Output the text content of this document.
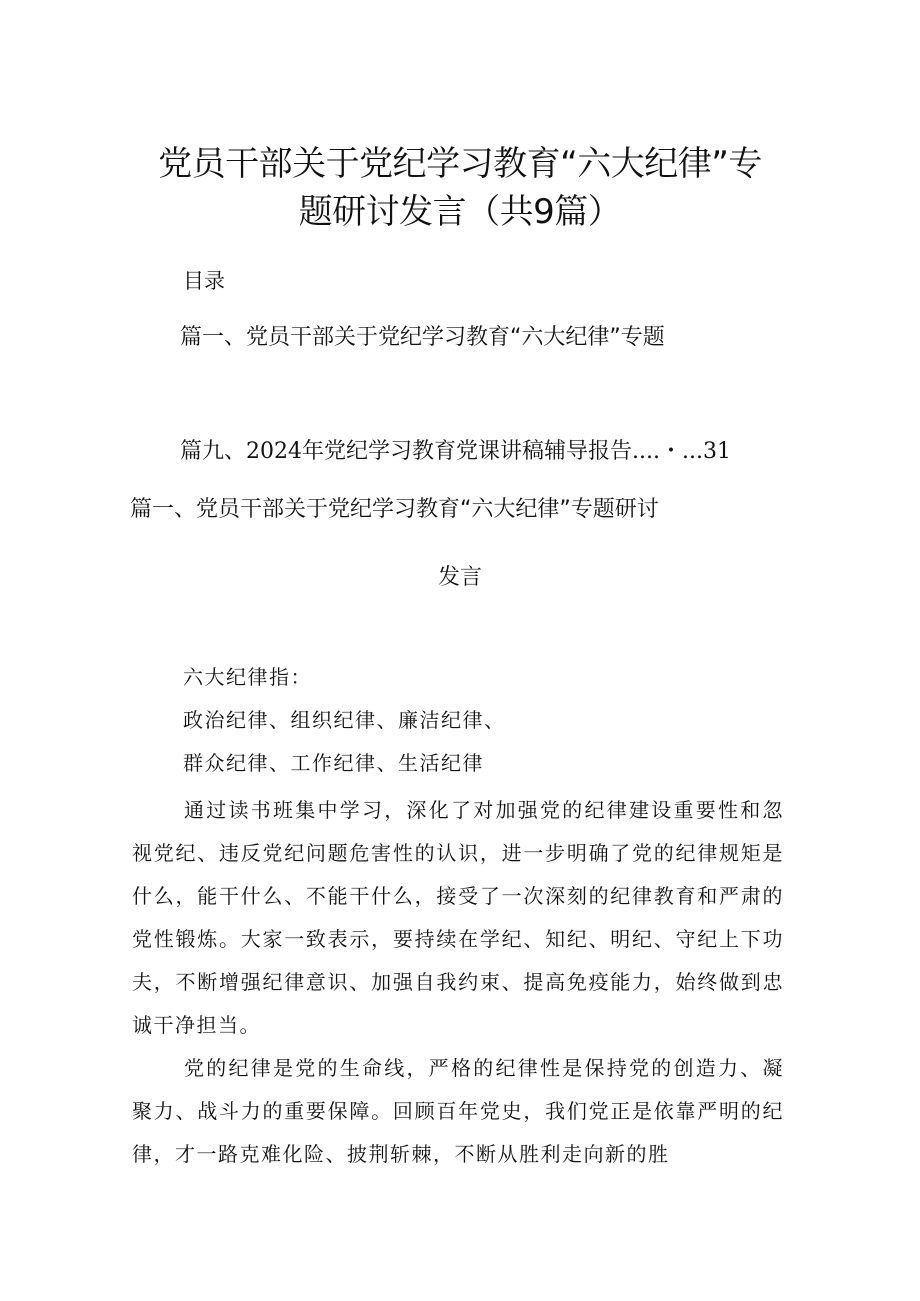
党员干部关于党纪学习教育“六大纪律”专
题研讨发言（共9篇）
目录
篇一、党员干部关于党纪学习教育“六大纪律”专题
篇九、2024年党纪学习教育党课讲稿辅导报告....・...31
篇一、党员干部关于党纪学习教育“六大纪律”专题研讨
发言
六大纪律指：
政治纪律、组织纪律、廉洁纪律、
群众纪律、工作纪律、生活纪律

通过读书班集中学习，深化了对加强党的纪律建设重要性和忽视党纪、违反党纪问题危害性的认识，进一步明确了党的纪律规矩是什么，能干什么、不能干什么，接受了一次深刻的纪律教育和严肃的党性锻炼。大家一致表示，要持续在学纪、知纪、明纪、守纪上下功夫，不断增强纪律意识、加强自我约束、提高免疫能力，始终做到忠诚干净担当。

党的纪律是党的生命线，严格的纪律性是保持党的创造力、凝聚力、战斗力的重要保障。回顾百年党史，我们党正是依靠严明的纪律，才一路克难化险、披荆斩棘，不断从胜利走向新的胜
